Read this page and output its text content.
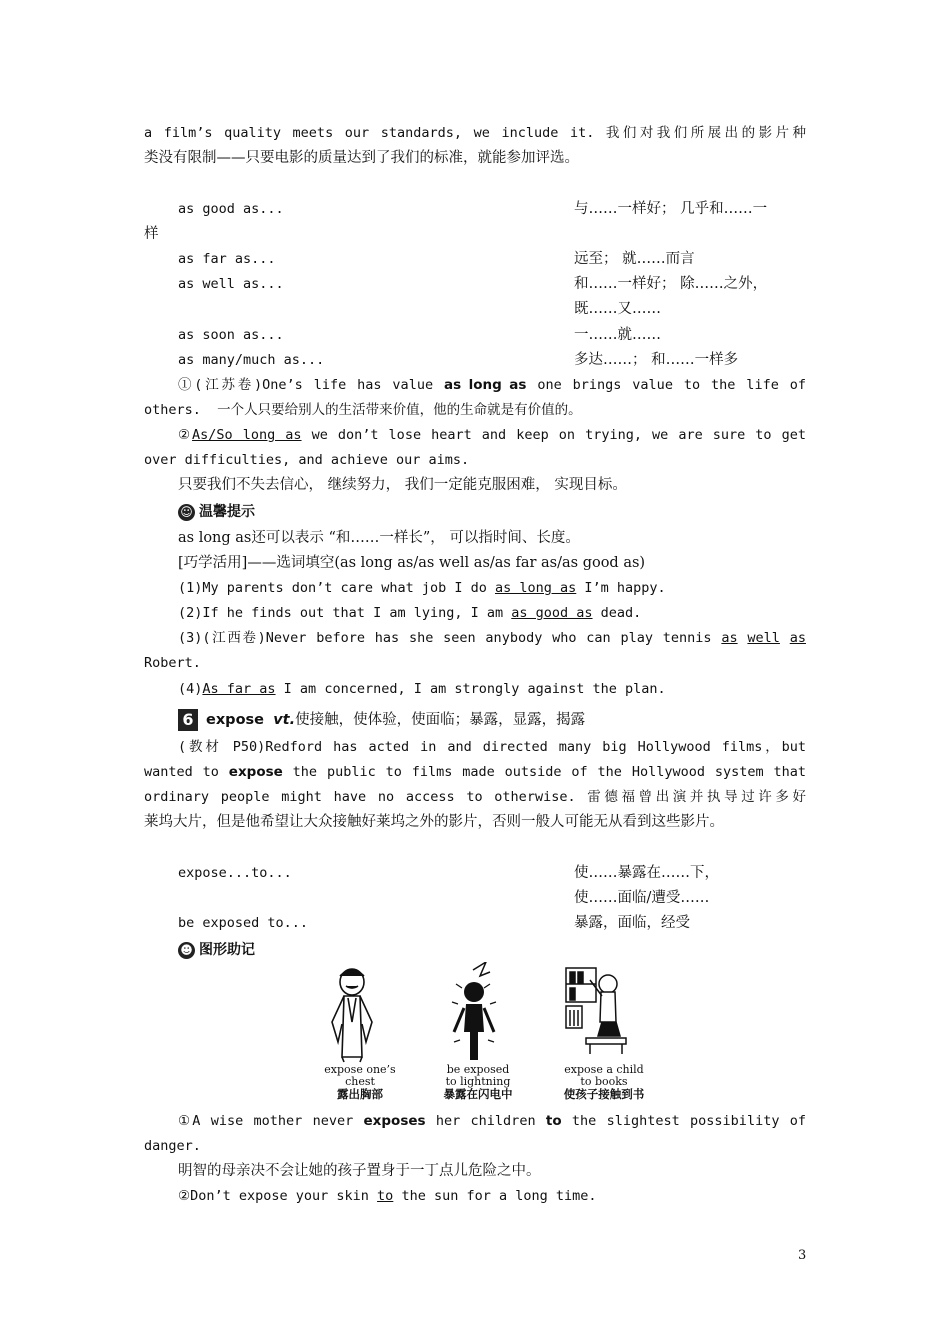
a film’s quality meets our standards, we include it. 我们对我们所展出的影片种
类没有限制——只要电影的质量达到了我们的标准，就能参加评选。
as good as...	与……一样好； 几乎和……一
样
as far as...	远至； 就……而言
as well as...	和……一样好； 除……之外，
既……又……
as soon as...	一……就……
as many/much as...	多达……； 和……一样多
①(江苏卷)One’s life has value as long as one brings value to the life of
others.  一个人只要给别人的生活带来价值，他的生命就是有价值的。
②As/So long as we don’t lose heart and keep on trying, we are sure to get
over difficulties, and achieve our aims.
只要我们不失去信心， 继续努力， 我们一定能克服困难， 实现目标。
☺ 温馨提示
as long as还可以表示 “和……一样长”， 可以指时间、长度。
[巧学活用]——选词填空(as long as/as well as/as far as/as good as)
(1)My parents don’t care what job I do as long as I’m happy.
(2)If he finds out that I am lying, I am as good as dead.
(3)(江西卷)Never before has she seen anybody who can play tennis as well as
Robert.
(4)As far as I am concerned, I am strongly against the plan.
6 expose vt.使接触，使体验，使面临；暴露，显露，揭露
(教材 P50)Redford has acted in and directed many big Hollywood films，but
wanted to expose the public to films made outside of the Hollywood system that
ordinary people might have no access to otherwise. 雷德福曾出演并执导过许多好
莱坞大片，但是他希望让大众接触好莱坞之外的影片，否则一般人可能无从看到这些影片。
expose...to...	使……暴露在……下，
使……面临/遭受……
be exposed to...	暴露，面临，经受
☻ 图形助记
expose one’s
chest
露出胸部
be exposed
to lightning
暴露在闪电中
expose a child
to books
使孩子接触到书
①A wise mother never exposes her children to the slightest possibility of
danger.
明智的母亲决不会让她的孩子置身于一丁点儿危险之中。
②Don’t expose your skin to the sun for a long time.
3
